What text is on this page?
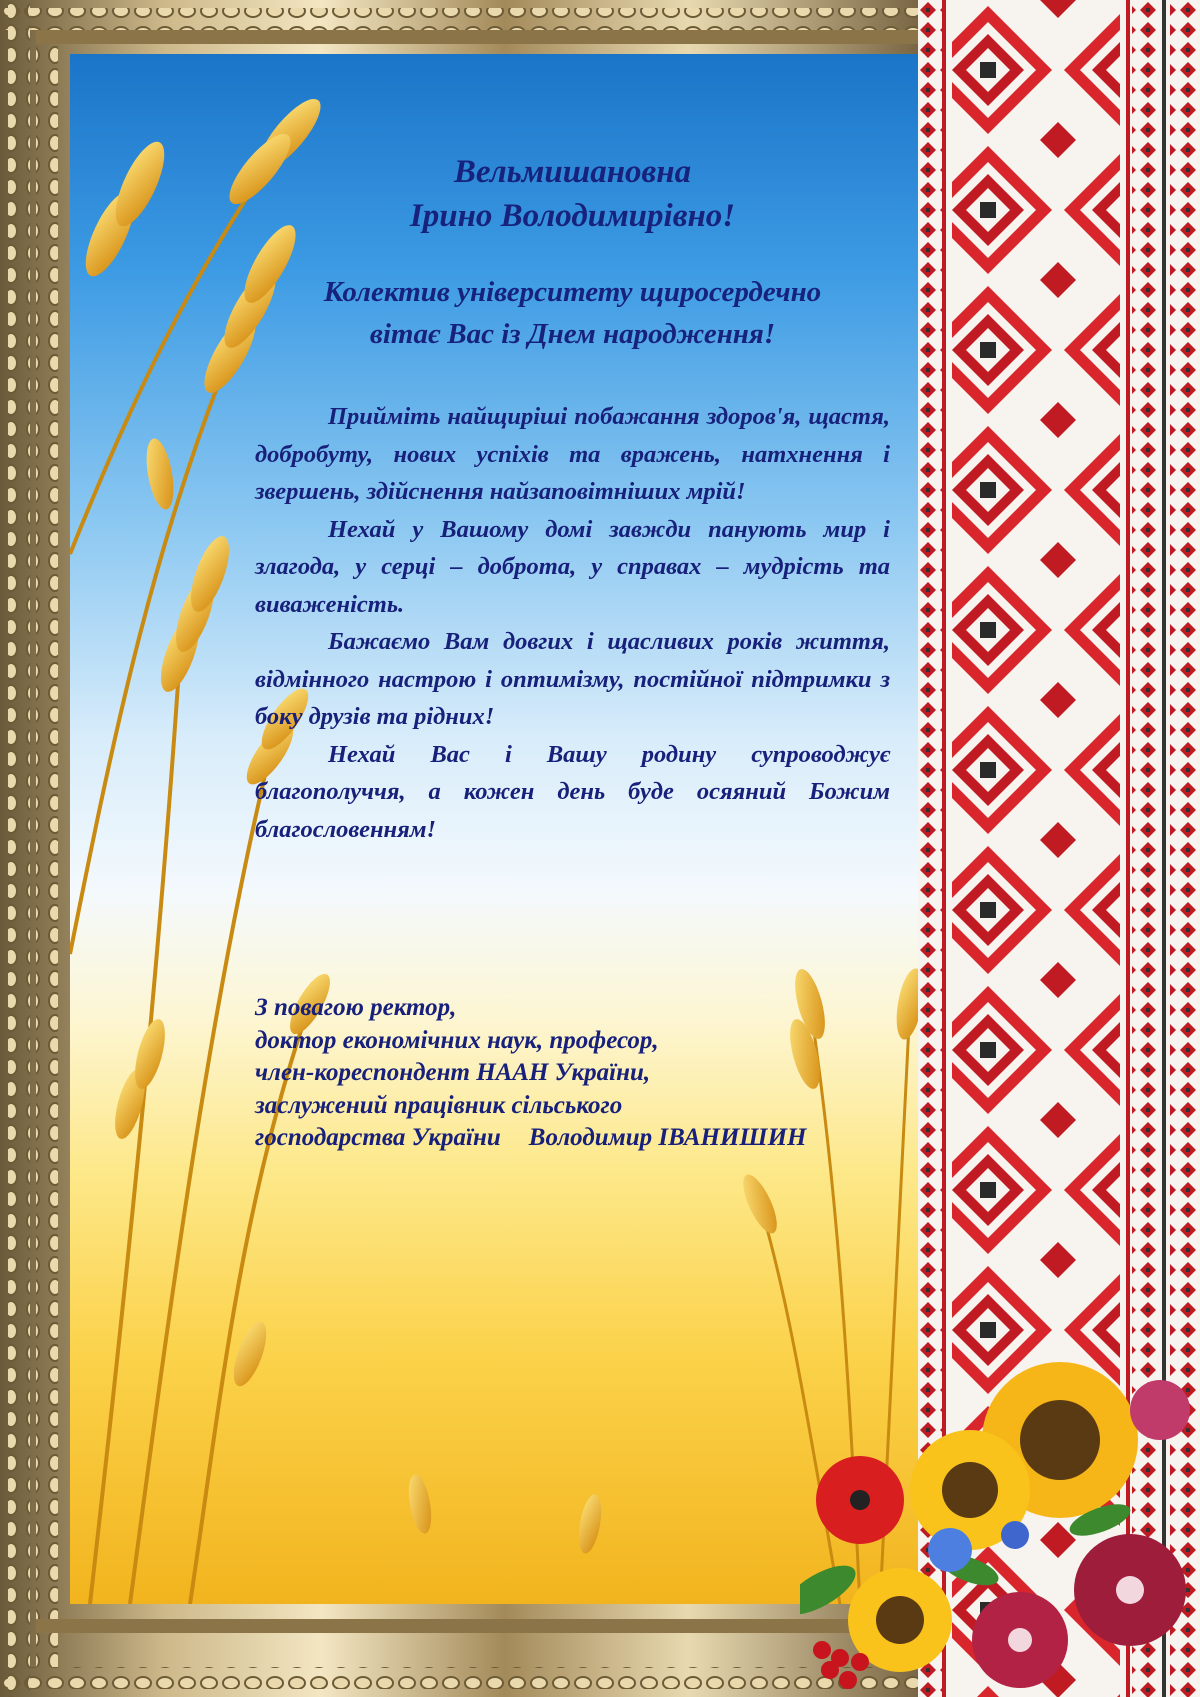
Вельмишановна
Ірино Володимирівно!
Колектив університету щиросердечно
вітає Вас із Днем народження!

Прийміть найщиріші побажання здоров'я, щастя, добробуту, нових успіхів та вражень, натхнення і звершень, здійснення найзаповітніших мрій!

Нехай у Вашому домі завжди панують мир і злагода, у серці – доброта, у справах – мудрість та виваженість.

Бажаємо Вам довгих і щасливих років життя, відмінного настрою і оптимізму, постійної підтримки з боку друзів та рідних!

Нехай Вас і Вашу родину супроводжує благополуччя, а кожен день буде осяяний Божим благословенням!

З повагою ректор,
доктор економічних наук, професор,
член-кореспондент НААН України,
заслужений працівник сільського
господарства України Володимир ІВАНИШИН
